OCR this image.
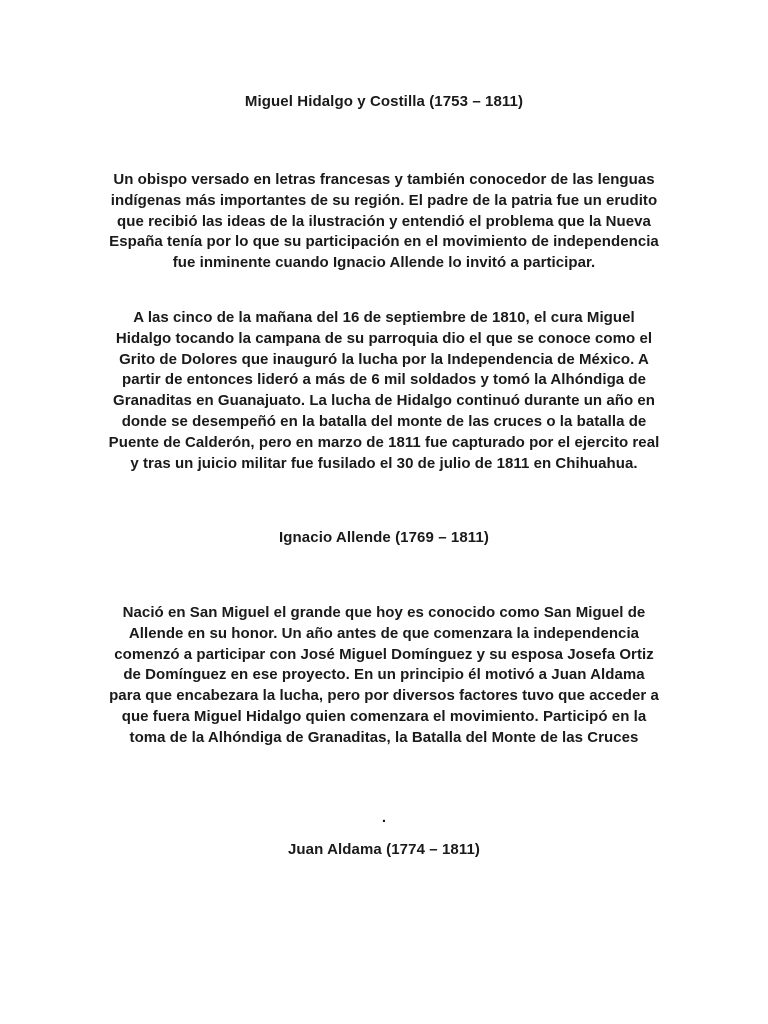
Miguel Hidalgo y Costilla (1753 – 1811)

Un obispo versado en letras francesas y también conocedor de las lenguas indígenas más importantes de su región. El padre de la patria fue un erudito que recibió las ideas de la ilustración y entendió el problema que la Nueva España tenía por lo que su participación en el movimiento de independencia fue inminente cuando Ignacio Allende lo invitó a participar.

A las cinco de la mañana del 16 de septiembre de 1810, el cura Miguel Hidalgo tocando la campana de su parroquia dio el que se conoce como el Grito de Dolores que inauguró la lucha por la Independencia de México. A partir de entonces lideró a más de 6 mil soldados y tomó la Alhóndiga de Granaditas en Guanajuato. La lucha de Hidalgo continuó durante un año en donde se desempeñó en la batalla del monte de las cruces o la batalla de Puente de Calderón, pero en marzo de 1811 fue capturado por el ejercito real y tras un juicio militar fue fusilado el 30 de julio de 1811 en Chihuahua.

Ignacio Allende (1769 – 1811)

Nació en San Miguel el grande que hoy es conocido como San Miguel de Allende en su honor. Un año antes de que comenzara la independencia comenzó a participar con José Miguel Domínguez y su esposa Josefa Ortiz de Domínguez en ese proyecto. En un principio él motivó a Juan Aldama para que encabezara la lucha, pero por diversos factores tuvo que acceder a que fuera Miguel Hidalgo quien comenzara el movimiento. Participó en la toma de la Alhóndiga de Granaditas, la Batalla del Monte de las Cruces

.

Juan Aldama (1774 – 1811)
